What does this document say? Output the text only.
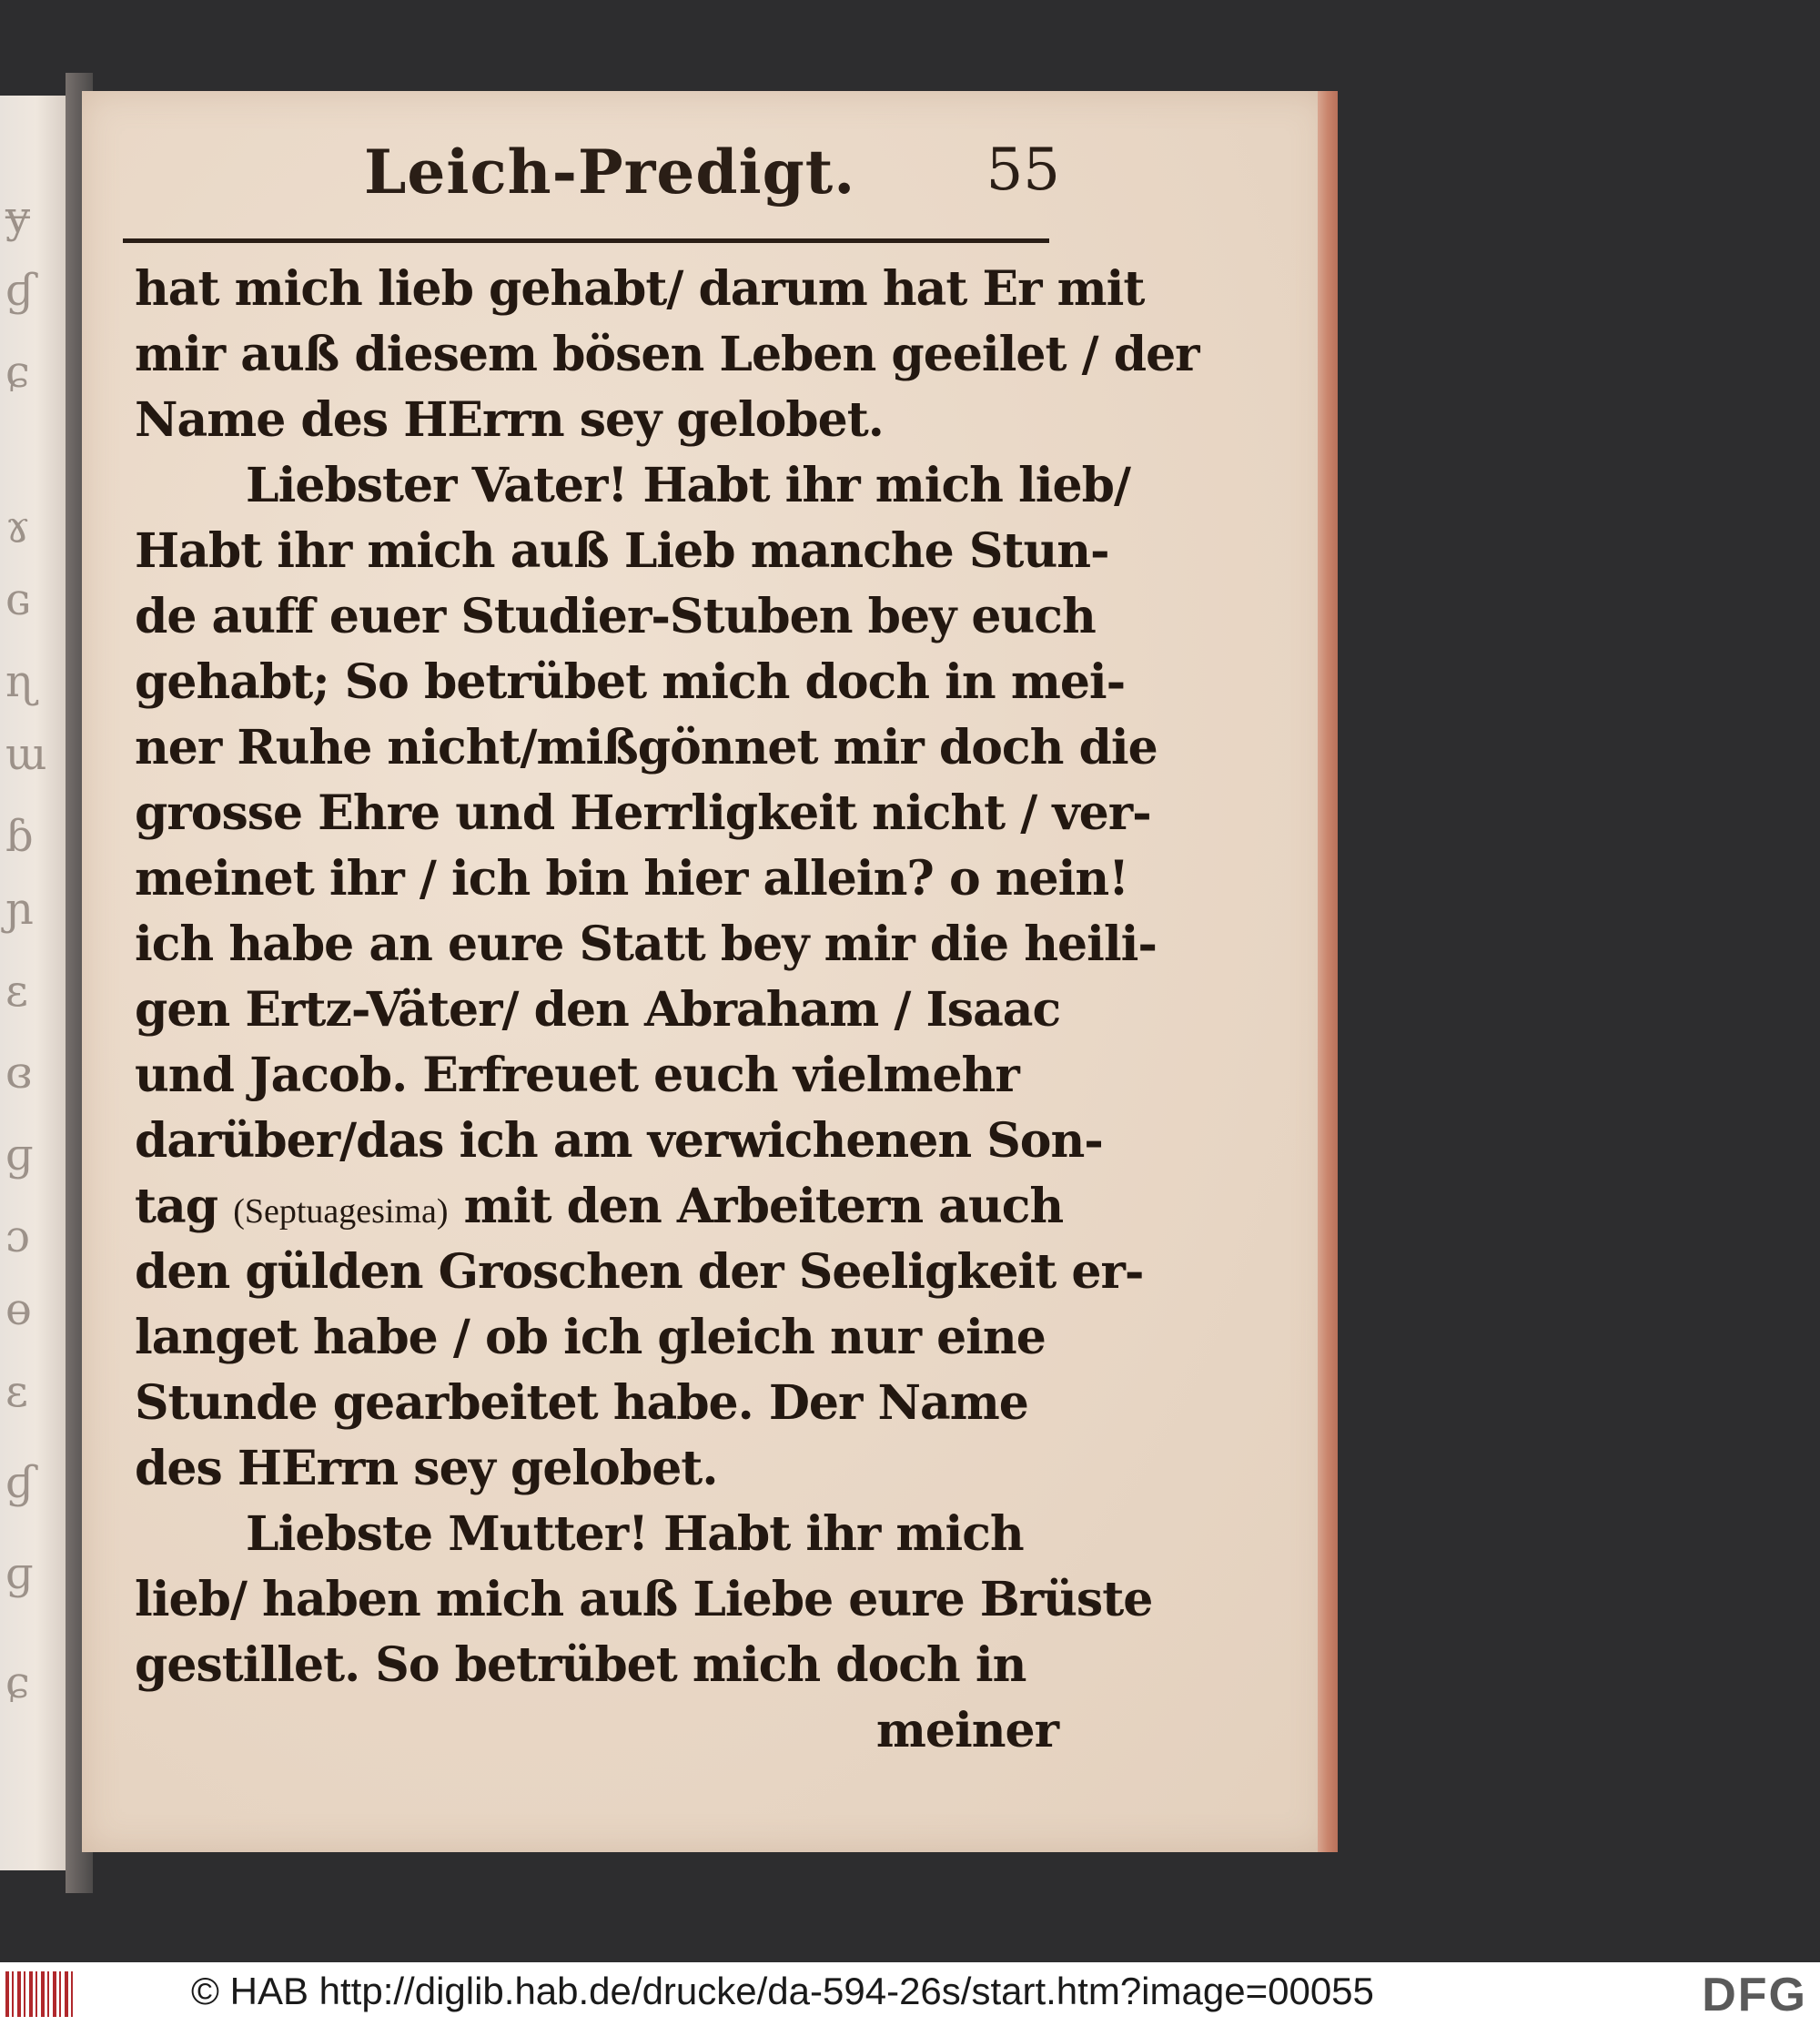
ɏ
ɠ
ɕ
ɤ
ɢ
ɳ
ɯ
ɓ
ɲ
ɛ
ɞ
ɡ
ɔ
ɵ
ɛ
ɠ
ɡ
ɕ
Leich-Predigt. 55
hat mich lieb gehabt/ darum hat Er mit
mir auß diesem bösen Leben geeilet / der
Name des HErrn sey gelobet.
Liebster Vater! Habt ihr mich lieb/
Habt ihr mich auß Lieb manche Stun-
de auff euer Studier-Stuben bey euch
gehabt; So betrübet mich doch in mei-
ner Ruhe nicht/mißgönnet mir doch die
grosse Ehre und Herrligkeit nicht / ver-
meinet ihr / ich bin hier allein? o nein!
ich habe an eure Statt bey mir die heili-
gen Ertz-Väter/ den Abraham / Isaac
und Jacob. Erfreuet euch vielmehr
darüber/das ich am verwichenen Son-
tag (Septuagesima) mit den Arbeitern auch
den gülden Groschen der Seeligkeit er-
langet habe / ob ich gleich nur eine
Stunde gearbeitet habe. Der Name
des HErrn sey gelobet.
Liebste Mutter! Habt ihr mich
lieb/ haben mich auß Liebe eure Brüste
gestillet. So betrübet mich doch in
meiner
© HAB http://diglib.hab.de/drucke/da-594-26s/start.htm?image=00055	DFG
